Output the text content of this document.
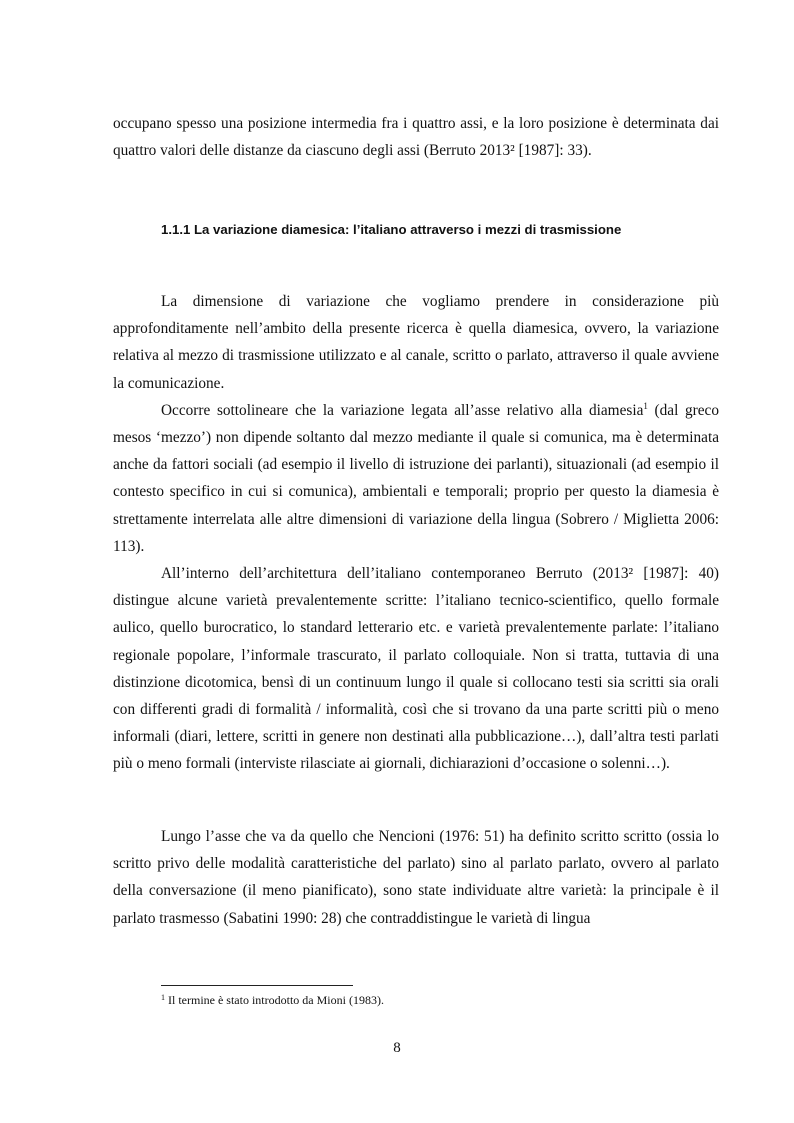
occupano spesso una posizione intermedia fra i quattro assi, e la loro posizione è determinata dai quattro valori delle distanze da ciascuno degli assi (Berruto 2013² [1987]: 33).

1.1.1 La variazione diamesica: l’italiano attraverso i mezzi di trasmissione

La dimensione di variazione che vogliamo prendere in considerazione più approfonditamente nell’ambito della presente ricerca è quella diamesica, ovvero, la variazione relativa al mezzo di trasmissione utilizzato e al canale, scritto o parlato, attraverso il quale avviene la comunicazione.

Occorre sottolineare che la variazione legata all’asse relativo alla diamesia$^1$ (dal greco mesos ‘mezzo’) non dipende soltanto dal mezzo mediante il quale si comunica, ma è determinata anche da fattori sociali (ad esempio il livello di istruzione dei parlanti), situazionali (ad esempio il contesto specifico in cui si comunica), ambientali e temporali; proprio per questo la diamesia è strettamente interrelata alle altre dimensioni di variazione della lingua (Sobrero / Miglietta 2006: 113).

All’interno dell’architettura dell’italiano contemporaneo Berruto (2013² [1987]: 40) distingue alcune varietà prevalentemente scritte: l’italiano tecnico-scientifico, quello formale aulico, quello burocratico, lo standard letterario etc. e varietà prevalentemente parlate: l’italiano regionale popolare, l’informale trascurato, il parlato colloquiale. Non si tratta, tuttavia di una distinzione dicotomica, bensì di un continuum lungo il quale si collocano testi sia scritti sia orali con differenti gradi di formalità / informalità, così che si trovano da una parte scritti più o meno informali (diari, lettere, scritti in genere non destinati alla pubblicazione…), dall’altra testi parlati più o meno formali (interviste rilasciate ai giornali, dichiarazioni d’occasione o solenni…).

Lungo l’asse che va da quello che Nencioni (1976: 51) ha definito scritto scritto (ossia lo scritto privo delle modalità caratteristiche del parlato) sino al parlato parlato, ovvero al parlato della conversazione (il meno pianificato), sono state individuate altre varietà: la principale è il parlato trasmesso (Sabatini 1990: 28) che contraddistingue le varietà di lingua

$^1$ Il termine è stato introdotto da Mioni (1983).
8
